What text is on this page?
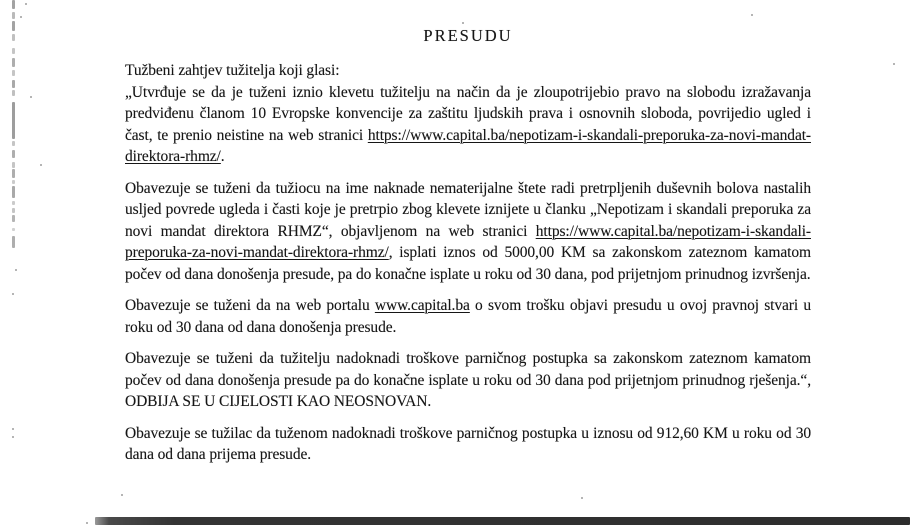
PRESUDU

Tužbeni zahtjev tužitelja koji glasi:

„Utvrđuje se da je tuženi iznio klevetu tužitelju na način da je zloupotrijebio pravo na slobodu izražavanja predviđenu članom 10 Evropske konvencije za zaštitu ljudskih prava i osnovnih sloboda, povrijedio ugled i čast, te prenio neistine na web stranici https://www.capital.ba/nepotizam-i-skandali-preporuka-za-novi-mandat-direktora-rhmz/.

Obavezuje se tuženi da tužiocu na ime naknade nematerijalne štete radi pretrpljenih duševnih bolova nastalih usljed povrede ugleda i časti koje je pretrpio zbog klevete iznijete u članku „Nepotizam i skandali preporuka za novi mandat direktora RHMZ“, objavljenom na web stranici https://www.capital.ba/nepotizam-i-skandali-preporuka-za-novi-mandat-direktora-rhmz/, isplati iznos od 5000,00 KM sa zakonskom zateznom kamatom počev od dana donošenja presude, pa do konačne isplate u roku od 30 dana, pod prijetnjom prinudnog izvršenja.

Obavezuje se tuženi da na web portalu www.capital.ba o svom trošku objavi presudu u ovoj pravnoj stvari u roku od 30 dana od dana donošenja presude.

Obavezuje se tuženi da tužitelju nadoknadi troškove parničnog postupka sa zakonskom zateznom kamatom počev od dana donošenja presude pa do konačne isplate u roku od 30 dana pod prijetnjom prinudnog rješenja.“, ODBIJA SE U CIJELOSTI KAO NEOSNOVAN.

Obavezuje se tužilac da tuženom nadoknadi troškove parničnog postupka u iznosu od 912,60 KM u roku od 30 dana od dana prijema presude.
